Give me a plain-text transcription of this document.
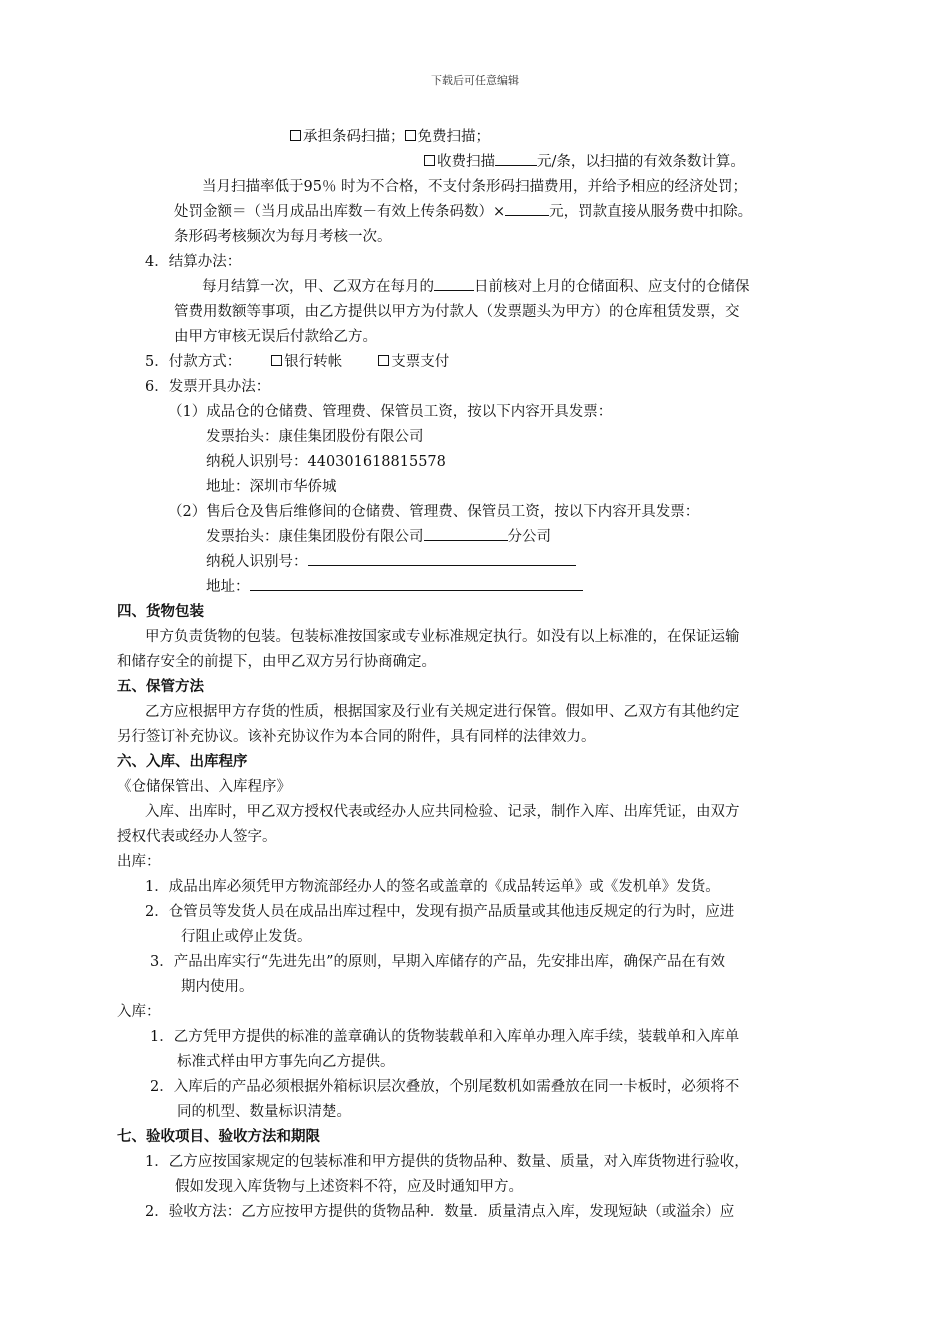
下载后可任意编辑
承担条码扫描； 免费扫描；
收费扫描	元/条，以扫描的有效条数计算。
当月扫描率低于95％ 时为不合格，不支付条形码扫描费用，并给予相应的经济处罚；
处罚金额＝（当月成品出库数－有效上传条码数）×	元，罚款直接从服务费中扣除。
条形码考核频次为每月考核一次。
4．结算办法：
每月结算一次，甲、乙双方在每月的	日前核对上月的仓储面积、应支付的仓储保
管费用数额等事项，由乙方提供以甲方为付款人（发票题头为甲方）的仓库租赁发票，交
由甲方审核无误后付款给乙方。
5．付款方式：	银行转帐	支票支付
6．发票开具办法：
（1）成品仓的仓储费、管理费、保管员工资，按以下内容开具发票：
发票抬头：康佳集团股份有限公司
纳税人识别号：440301618815578
地址：深圳市华侨城
（2）售后仓及售后维修间的仓储费、管理费、保管员工资，按以下内容开具发票：
发票抬头：康佳集团股份有限公司	分公司
纳税人识别号：
地址：
四、货物包装
甲方负责货物的包装。包装标准按国家或专业标准规定执行。如没有以上标准的，在保证运输
和储存安全的前提下，由甲乙双方另行协商确定。
五、保管方法
乙方应根据甲方存货的性质，根据国家及行业有关规定进行保管。假如甲、乙双方有其他约定
另行签订补充协议。该补充协议作为本合同的附件，具有同样的法律效力。
六、入库、出库程序
《仓储保管出、入库程序》
入库、出库时，甲乙双方授权代表或经办人应共同检验、记录，制作入库、出库凭证，由双方
授权代表或经办人签字。
出库：
1．成品出库必须凭甲方物流部经办人的签名或盖章的《成品转运单》或《发机单》发货。
2．仓管员等发货人员在成品出库过程中，发现有损产品质量或其他违反规定的行为时，应进
行阻止或停止发货。
3．产品出库实行“先进先出”的原则，早期入库储存的产品，先安排出库，确保产品在有效
期内使用。
入库：
1．乙方凭甲方提供的标准的盖章确认的货物装载单和入库单办理入库手续，装载单和入库单
标准式样由甲方事先向乙方提供。
2．入库后的产品必须根据外箱标识层次叠放，个别尾数机如需叠放在同一卡板时，必须将不
同的机型、数量标识清楚。
七、验收项目、验收方法和期限
1．乙方应按国家规定的包装标准和甲方提供的货物品种、数量、质量，对入库货物进行验收，
假如发现入库货物与上述资料不符，应及时通知甲方。
2．验收方法：乙方应按甲方提供的货物品种．数量．质量清点入库，发现短缺（或溢余）应
